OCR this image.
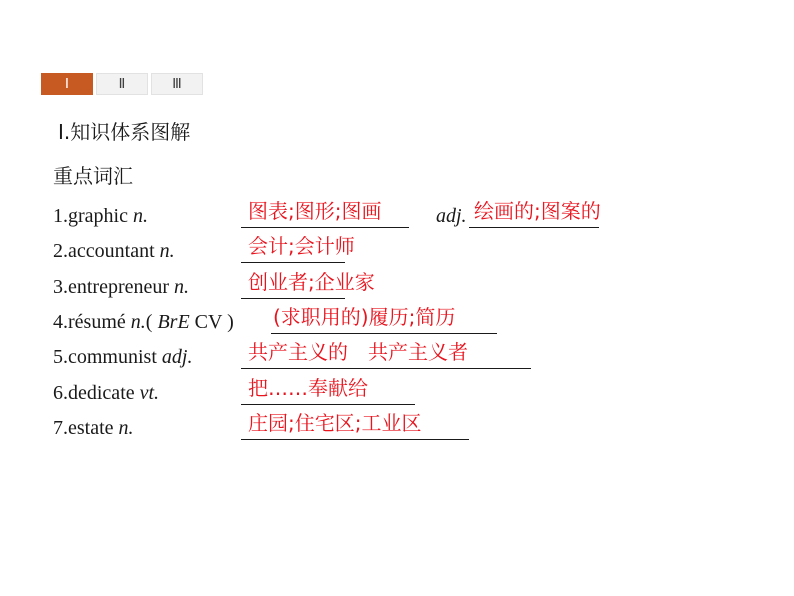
Ⅰ	Ⅱ	Ⅲ
Ⅰ.知识体系图解
重点词汇
1.graphic n.	图表;图形;图画	adj. 绘画的;图案的
2.accountant n.	会计;会计师
3.entrepreneur n.	创业者;企业家
4.résumé n.( BrE CV ) (求职用的)履历;简历
5.communist adj.	共产主义的　共产主义者
6.dedicate vt.	把……奉献给
7.estate n.	庄园;住宅区;工业区
